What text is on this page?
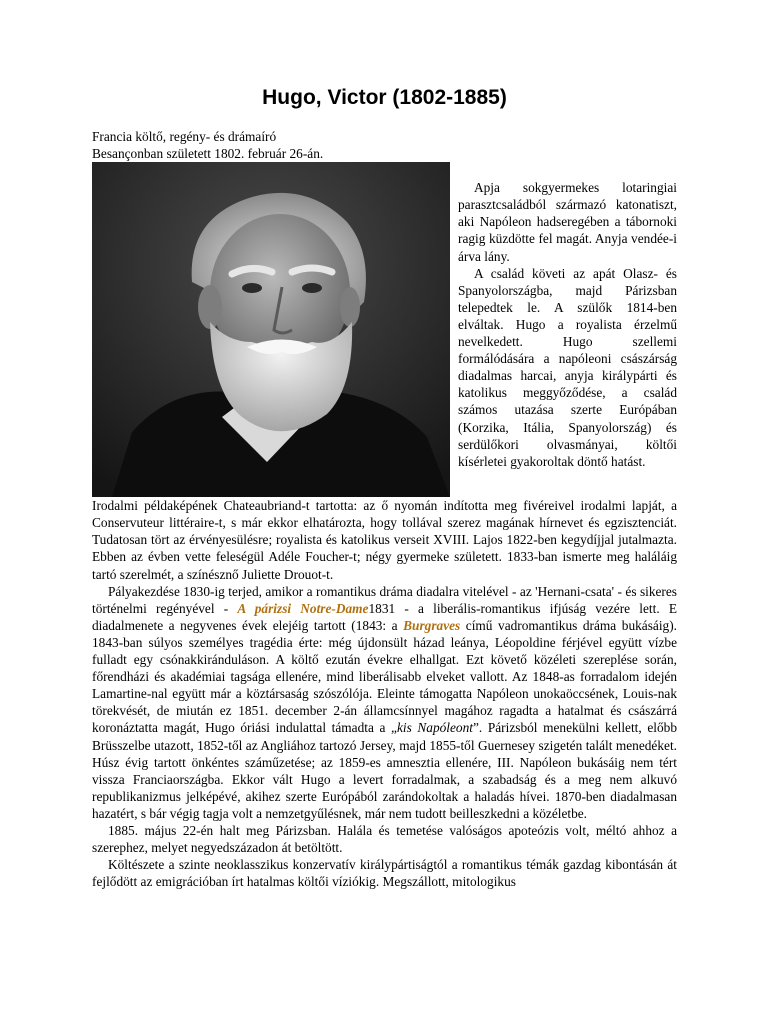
Hugo, Victor (1802-1885)

Francia költő, regény- és drámaíró

Besançonban született 1802. február 26-án.

Apja sokgyermekes lotaringiai parasztcsaládból származó katonatiszt, aki Napóleon hadseregében a tábornoki ragig küzdötte fel magát. Anyja vendée-i árva lány.

A család követi az apát Olasz- és Spanyolországba, majd Párizsban telepedtek le. A szülők 1814-ben elváltak. Hugo a royalista érzelmű nevelkedett. Hugo szellemi formálódására a napóleoni császárság diadalmas harcai, anyja királypárti és katolikus meggyőződése, a család számos utazása szerte Európában (Korzika, Itália, Spanyolország) és serdülőkori olvasmányai, költői kísérletei gyakoroltak döntő hatást.

Irodalmi példaképének Chateaubriand-t tartotta: az ő nyomán indította meg fivéreivel irodalmi lapját, a Conservuteur littéraire-t, s már ekkor elhatározta, hogy tollával szerez magának hírnevet és egzisztenciát. Tudatosan tört az érvényesülésre; royalista és katolikus verseit XVIII. Lajos 1822-ben kegydíjjal jutalmazta. Ebben az évben vette feleségül Adéle Foucher-t; négy gyermeke született. 1833-ban ismerte meg haláláig tartó szerelmét, a színésznő Juliette Drouot-t.

Pályakezdése 1830-ig terjed, amikor a romantikus dráma diadalra vitelével - az 'Hernani-csata' - és sikeres történelmi regényével - A párizsi Notre-Dame1831 - a liberális-romantikus ifjúság vezére lett. E diadalmenete a negyvenes évek elejéig tartott (1843: a Burgraves című vadromantikus dráma bukásáig). 1843-ban súlyos személyes tragédia érte: még újdonsült házad leánya, Léopoldine férjével együtt vízbe fulladt egy csónakkiránduláson. A költő ezután évekre elhallgat. Ezt követő közéleti szereplése során, főrendházi és akadémiai tagsága ellenére, mind liberálisabb elveket vallott. Az 1848-as forradalom idején Lamartine-nal együtt már a köztársaság szószólója. Eleinte támogatta Napóleon unokaöccsének, Louis-nak törekvését, de miután ez 1851. december 2-án államcsínnyel magához ragadta a hatalmat és császárrá koronáztatta magát, Hugo óriási indulattal támadta a „kis Napóleont”. Párizsból menekülni kellett, előbb Brüsszelbe utazott, 1852-től az Angliához tartozó Jersey, majd 1855-től Guernesey szigetén talált menedéket. Húsz évig tartott önkéntes száműzetése; az 1859-es amnesztia ellenére, III. Napóleon bukásáig nem tért vissza Franciaországba. Ekkor vált Hugo a levert forradalmak, a szabadság és a meg nem alkuvó republikanizmus jelképévé, akihez szerte Európából zarándokoltak a haladás hívei. 1870-ben diadalmasan hazatért, s bár végig tagja volt a nemzetgyűlésnek, már nem tudott beilleszkedni a közéletbe.

1885. május 22-én halt meg Párizsban. Halála és temetése valóságos apoteózis volt, méltó ahhoz a szerephez, melyet negyedszázadon át betöltött.

Költészete a szinte neoklasszikus konzervatív királypártiságtól a romantikus témák gazdag kibontásán át fejlődött az emigrációban írt hatalmas költői víziókig. Megszállott, mitologikus
